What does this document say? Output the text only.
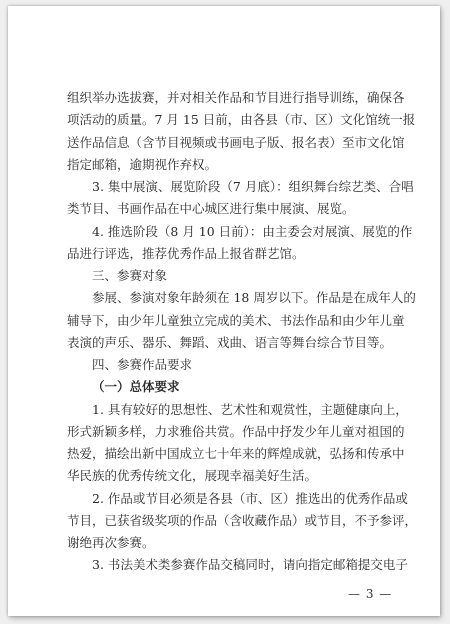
组织举办选拔赛，并对相关作品和节目进行指导训练，确保各
项活动的质量。7 月 15 日前，由各县（市、区）文化馆统一报
送作品信息（含节目视频或书画电子版、报名表）至市文化馆
指定邮箱，逾期视作弃权。
3. 集中展演、展览阶段（7 月底）：组织舞台综艺类、合唱
类节目、书画作品在中心城区进行集中展演、展览。
4. 推选阶段（8 月 10 日前）：由主委会对展演、展览的作
品进行评选，推荐优秀作品上报省群艺馆。
三、参赛对象
参展、参演对象年龄须在 18 周岁以下。作品是在成年人的
辅导下，由少年儿童独立完成的美术、书法作品和由少年儿童
表演的声乐、器乐、舞蹈、戏曲、语言等舞台综合节目等。
四、参赛作品要求
（一）总体要求
1. 具有较好的思想性、艺术性和观赏性，主题健康向上，
形式新颖多样，力求雅俗共赏。作品中抒发少年儿童对祖国的
热爱，描绘出新中国成立七十年来的辉煌成就，弘扬和传承中
华民族的优秀传统文化，展现幸福美好生活。
2. 作品或节目必须是各县（市、区）推选出的优秀作品或
节目，已获省级奖项的作品（含收藏作品）或节目，不予参评，
谢绝再次参赛。
3. 书法美术类参赛作品交稿同时，请向指定邮箱提交电子
— 3 —
